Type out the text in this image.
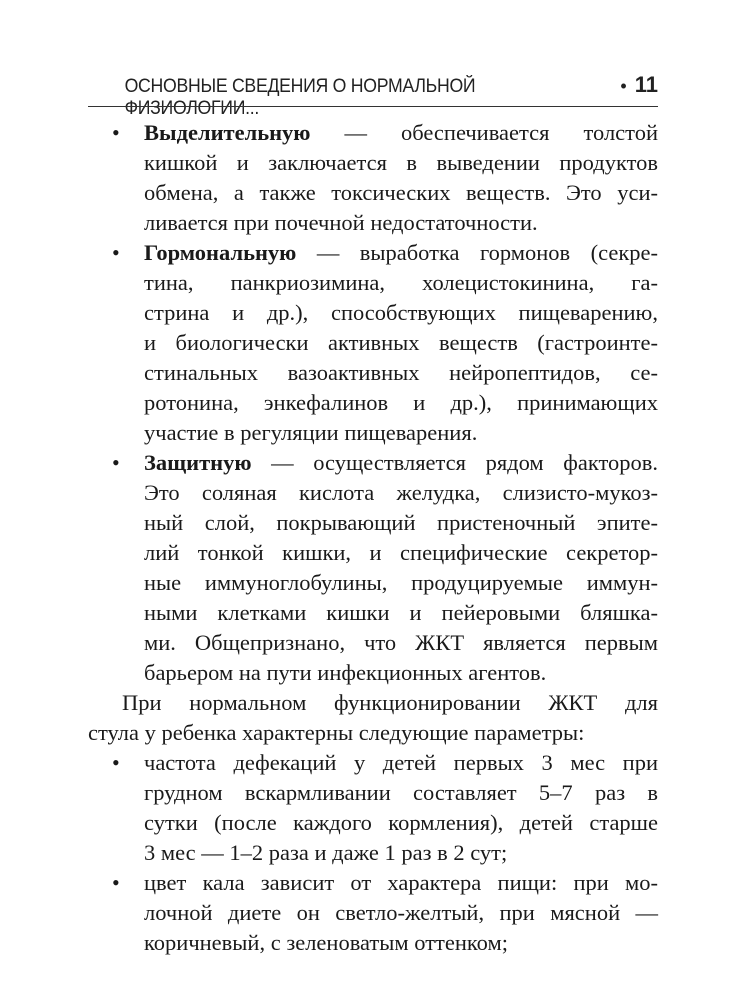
ОСНОВНЫЕ СВЕДЕНИЯ О НОРМАЛЬНОЙ ФИЗИОЛОГИИ...
• 11
• Выделительную — обеспечивается толстой
кишкой и заключается в выведении продуктов
обмена, а также токсических веществ. Это уси-
ливается при почечной недостаточности.
• Гормональную — выработка гормонов (секре-
тина, панкриозимина, холецистокинина, га-
стрина и др.), способствующих пищеварению,
и биологически активных веществ (гастроинте-
стинальных вазоактивных нейропептидов, се-
ротонина, энкефалинов и др.), принимающих
участие в регуляции пищеварения.
• Защитную — осуществляется рядом факторов.
Это соляная кислота желудка, слизисто-мукоз-
ный слой, покрывающий пристеночный эпите-
лий тонкой кишки, и специфические секретор-
ные иммуноглобулины, продуцируемые иммун-
ными клетками кишки и пейеровыми бляшка-
ми. Общепризнано, что ЖКТ является первым
барьером на пути инфекционных агентов.
При нормальном функционировании ЖКТ для
стула у ребенка характерны следующие параметры:
• частота дефекаций у детей первых 3 мес при
грудном вскармливании составляет 5–7 раз в
сутки (после каждого кормления), детей старше
3 мес — 1–2 раза и даже 1 раз в 2 сут;
• цвет кала зависит от характера пищи: при мо-
лочной диете он светло-желтый, при мясной —
коричневый, с зеленоватым оттенком;
